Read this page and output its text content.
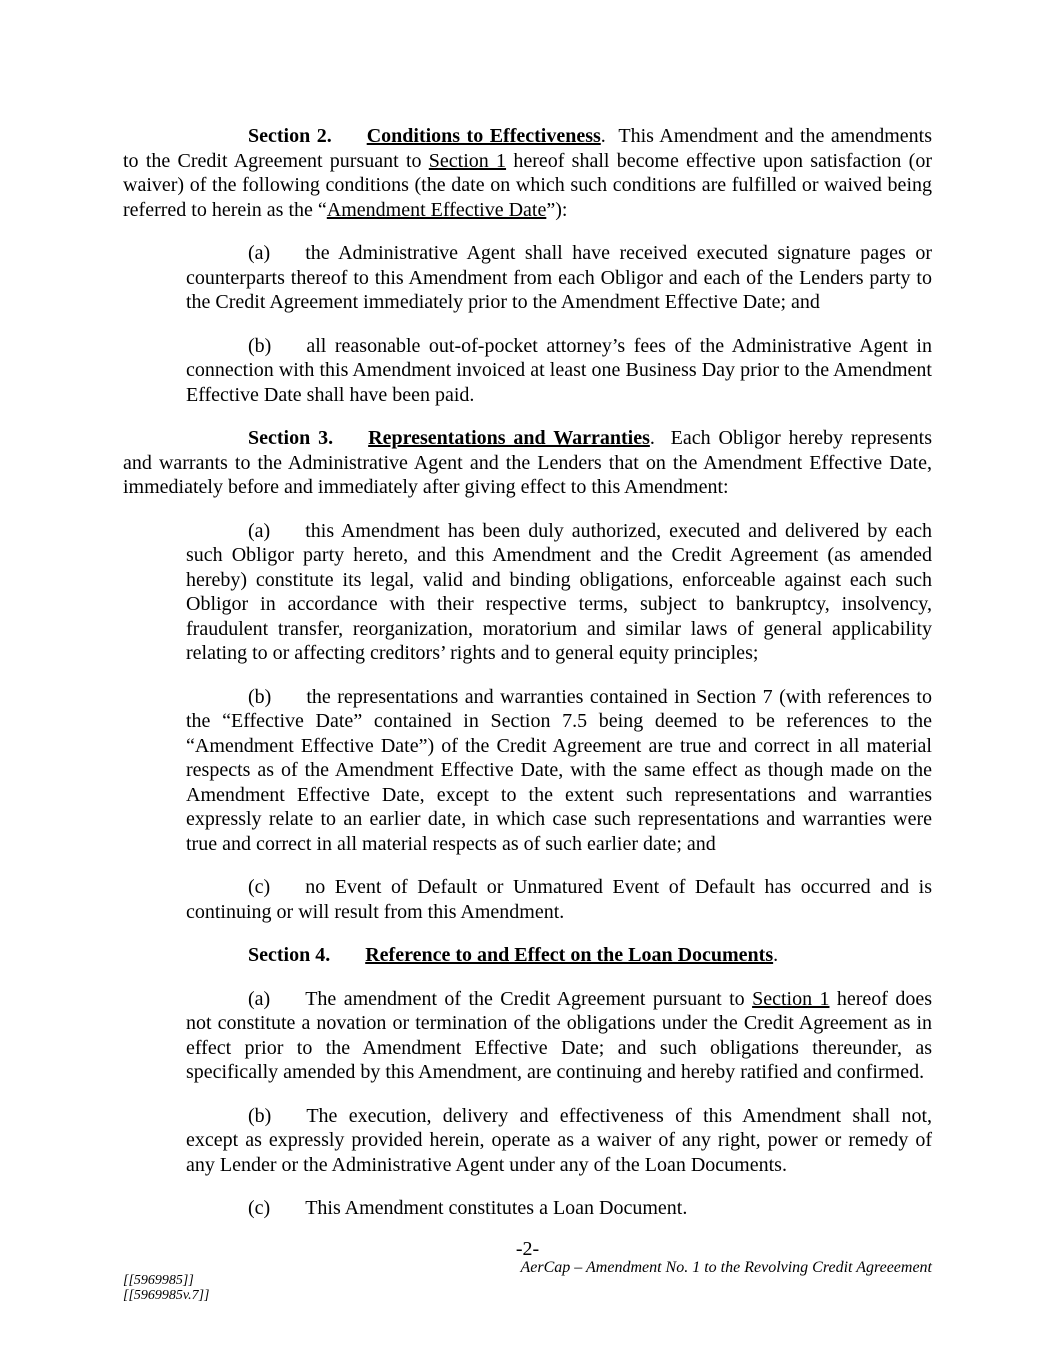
Section 2. Conditions to Effectiveness.  This Amendment and the amendments to the Credit Agreement pursuant to Section 1 hereof shall become effective upon satisfaction (or waiver) of the following conditions (the date on which such conditions are fulfilled or waived being referred to herein as the “Amendment Effective Date”):

(a) the Administrative Agent shall have received executed signature pages or counterparts thereof to this Amendment from each Obligor and each of the Lenders party to the Credit Agreement immediately prior to the Amendment Effective Date; and

(b) all reasonable out-of-pocket attorney’s fees of the Administrative Agent in connection with this Amendment invoiced at least one Business Day prior to the Amendment Effective Date shall have been paid.

Section 3. Representations and Warranties.  Each Obligor hereby represents and warrants to the Administrative Agent and the Lenders that on the Amendment Effective Date, immediately before and immediately after giving effect to this Amendment:

(a) this Amendment has been duly authorized, executed and delivered by each such Obligor party hereto, and this Amendment and the Credit Agreement (as amended hereby) constitute its legal, valid and binding obligations, enforceable against each such Obligor in accordance with their respective terms, subject to bankruptcy, insolvency, fraudulent transfer, reorganization, moratorium and similar laws of general applicability relating to or affecting creditors’ rights and to general equity principles;

(b) the representations and warranties contained in Section 7 (with references to the “Effective Date” contained in Section 7.5 being deemed to be references to the “Amendment Effective Date”) of the Credit Agreement are true and correct in all material respects as of the Amendment Effective Date, with the same effect as though made on the Amendment Effective Date, except to the extent such representations and warranties expressly relate to an earlier date, in which case such representations and warranties were true and correct in all material respects as of such earlier date; and

(c) no Event of Default or Unmatured Event of Default has occurred and is continuing or will result from this Amendment.

Section 4. Reference to and Effect on the Loan Documents.

(a) The amendment of the Credit Agreement pursuant to Section 1 hereof does not constitute a novation or termination of the obligations under the Credit Agreement as in effect prior to the Amendment Effective Date; and such obligations thereunder, as specifically amended by this Amendment, are continuing and hereby ratified and confirmed.

(b) The execution, delivery and effectiveness of this Amendment shall not, except as expressly provided herein, operate as a waiver of any right, power or remedy of any Lender or the Administrative Agent under any of the Loan Documents.

(c) This Amendment constitutes a Loan Document.

-2-
AerCap – Amendment No. 1 to the Revolving Credit Agreeement
[[5969985]]
[[5969985v.7]]
